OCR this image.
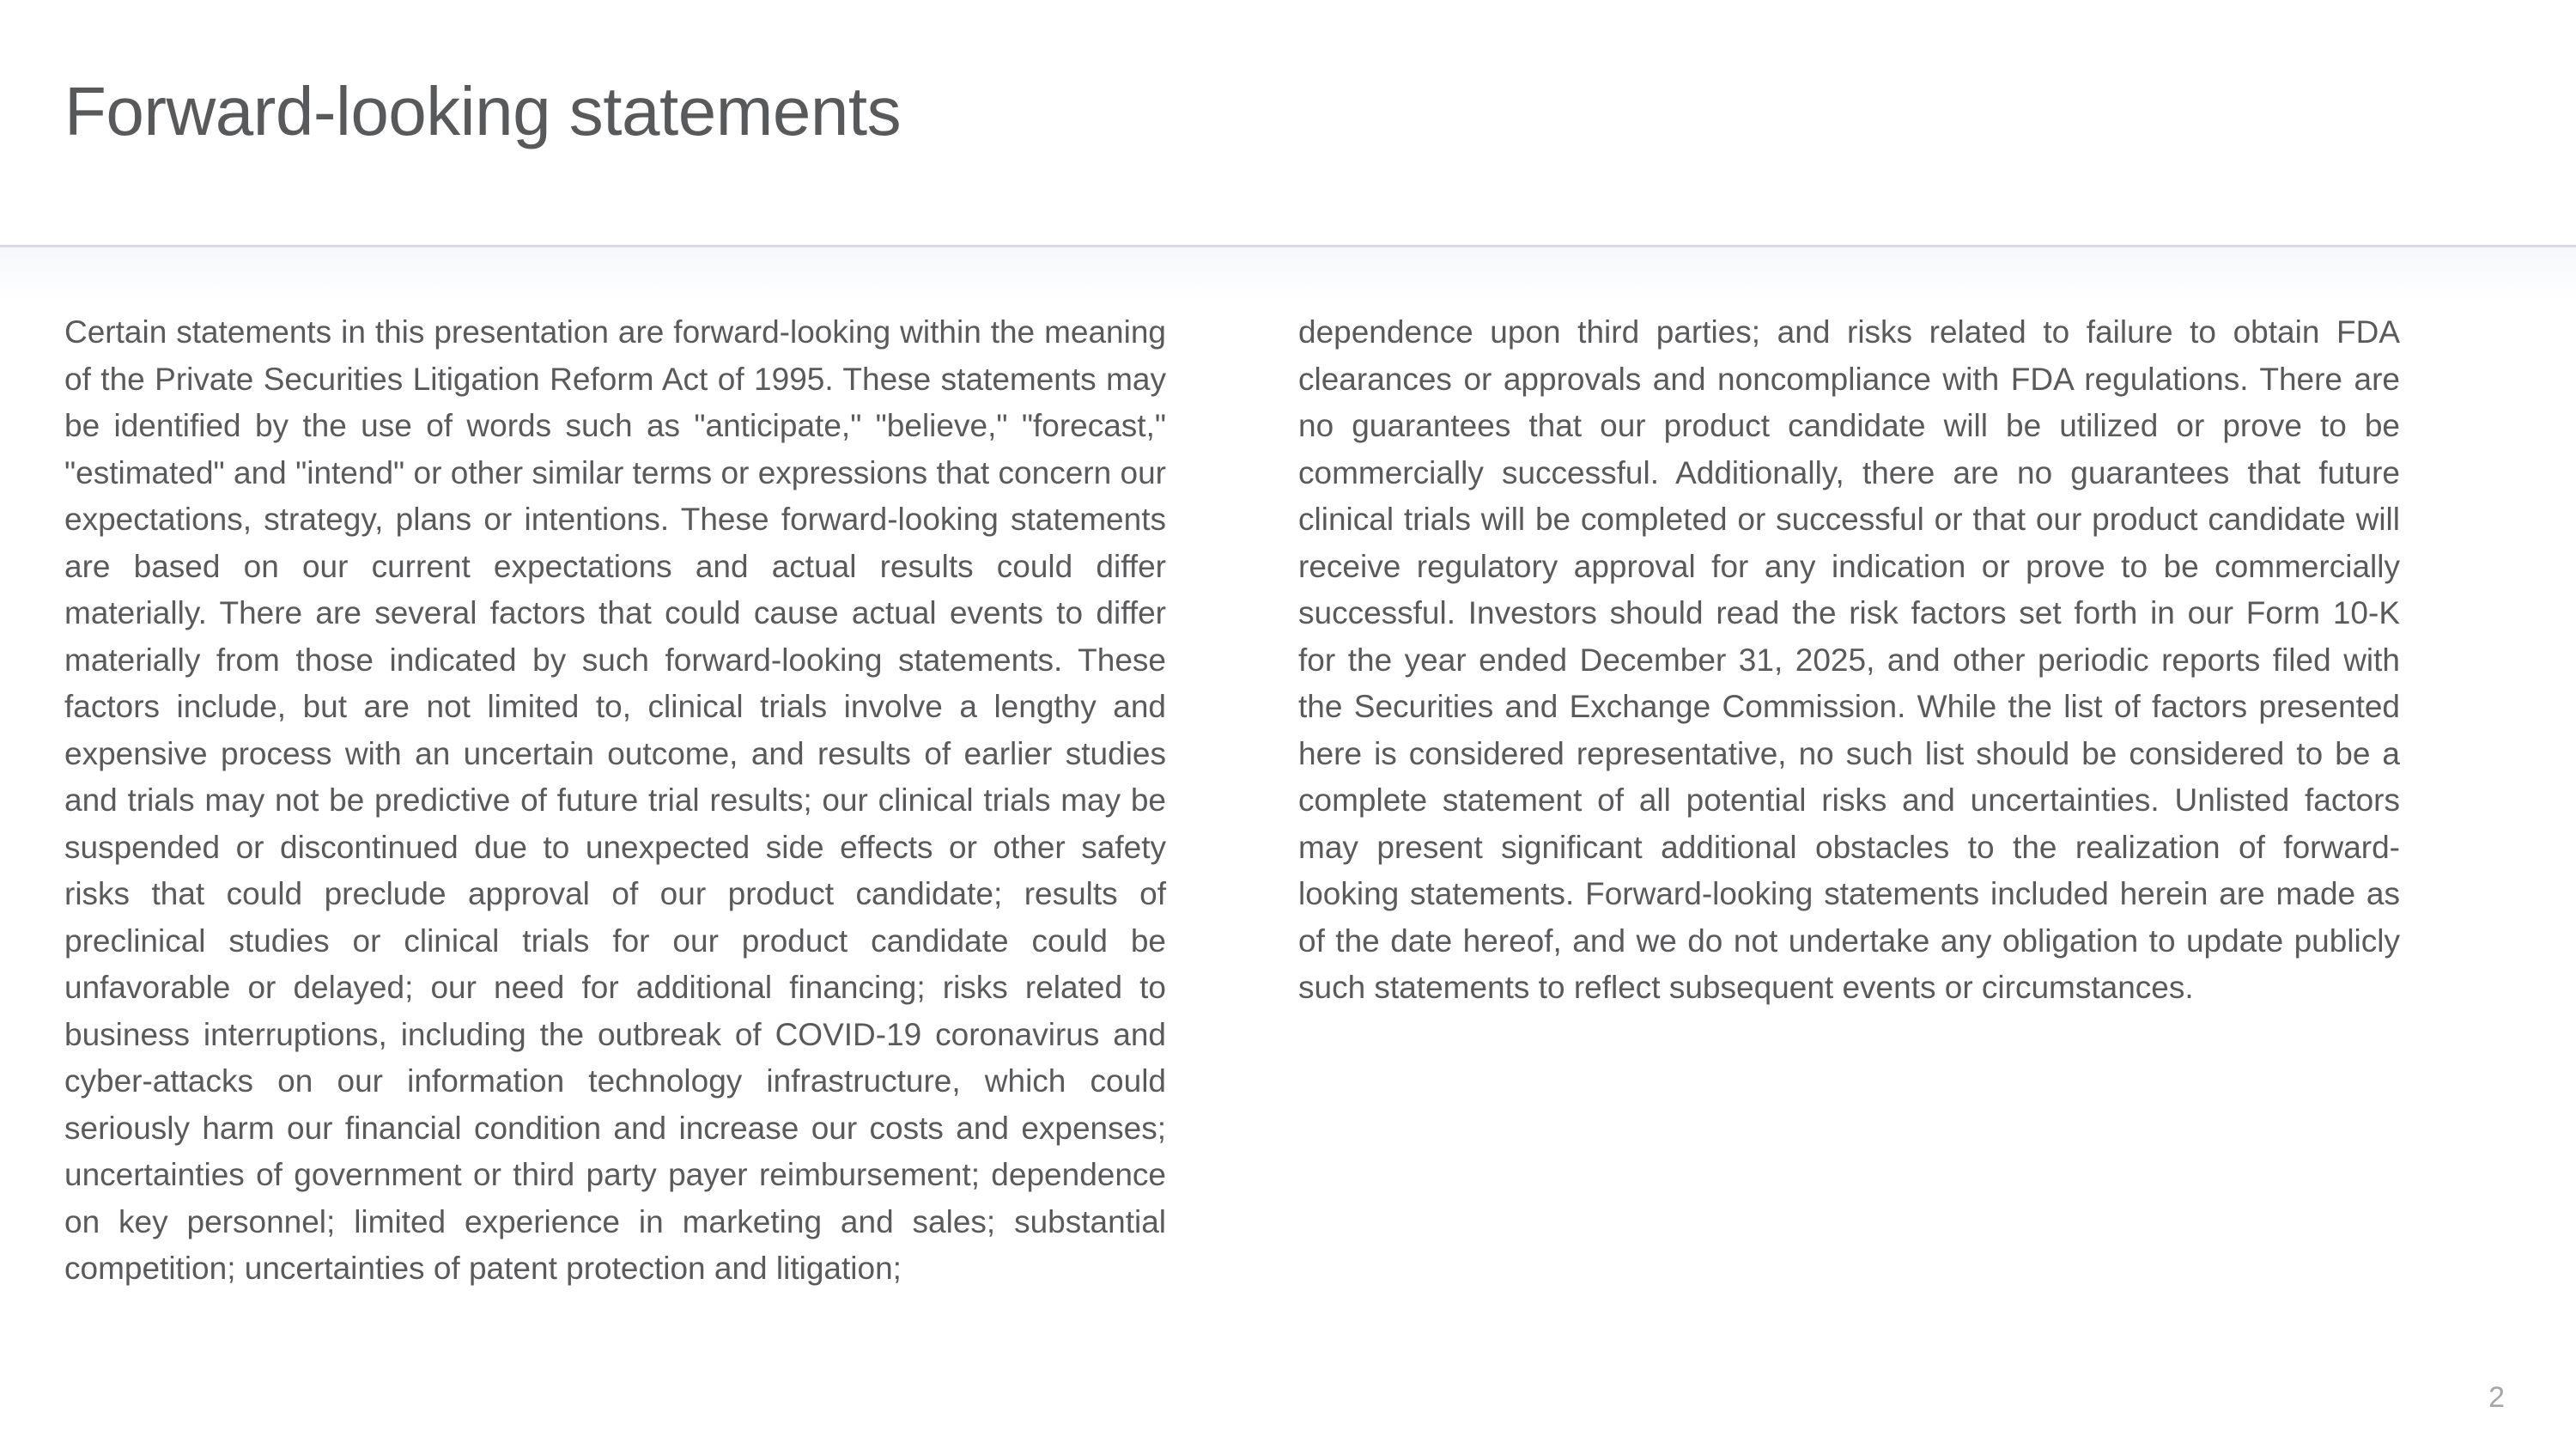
Forward-looking statements

Certain statements in this presentation are forward-looking within the meaning of the Private Securities Litigation Reform Act of 1995. These statements may be identified by the use of words such as "anticipate," "believe," "forecast," "estimated" and "intend" or other similar terms or expressions that concern our expectations, strategy, plans or intentions. These forward-looking statements are based on our current expectations and actual results could differ materially. There are several factors that could cause actual events to differ materially from those indicated by such forward-looking statements. These factors include, but are not limited to, clinical trials involve a lengthy and expensive process with an uncertain outcome, and results of earlier studies and trials may not be predictive of future trial results; our clinical trials may be suspended or discontinued due to unexpected side effects or other safety risks that could preclude approval of our product candidate; results of preclinical studies or clinical trials for our product candidate could be unfavorable or delayed; our need for additional financing; risks related to business interruptions, including the outbreak of COVID-19 coronavirus and cyber-attacks on our information technology infrastructure, which could seriously harm our financial condition and increase our costs and expenses; uncertainties of government or third party payer reimbursement; dependence on key personnel; limited experience in marketing and sales; substantial competition; uncertainties of patent protection and litigation;

dependence upon third parties; and risks related to failure to obtain FDA clearances or approvals and noncompliance with FDA regulations. There are no guarantees that our product candidate will be utilized or prove to be commercially successful. Additionally, there are no guarantees that future clinical trials will be completed or successful or that our product candidate will receive regulatory approval for any indication or prove to be commercially successful. Investors should read the risk factors set forth in our Form 10-K for the year ended December 31, 2025, and other periodic reports filed with the Securities and Exchange Commission. While the list of factors presented here is considered representative, no such list should be considered to be a complete statement of all potential risks and uncertainties. Unlisted factors may present significant additional obstacles to the realization of forward-looking statements. Forward-looking statements included herein are made as of the date hereof, and we do not undertake any obligation to update publicly such statements to reflect subsequent events or circumstances.

2
